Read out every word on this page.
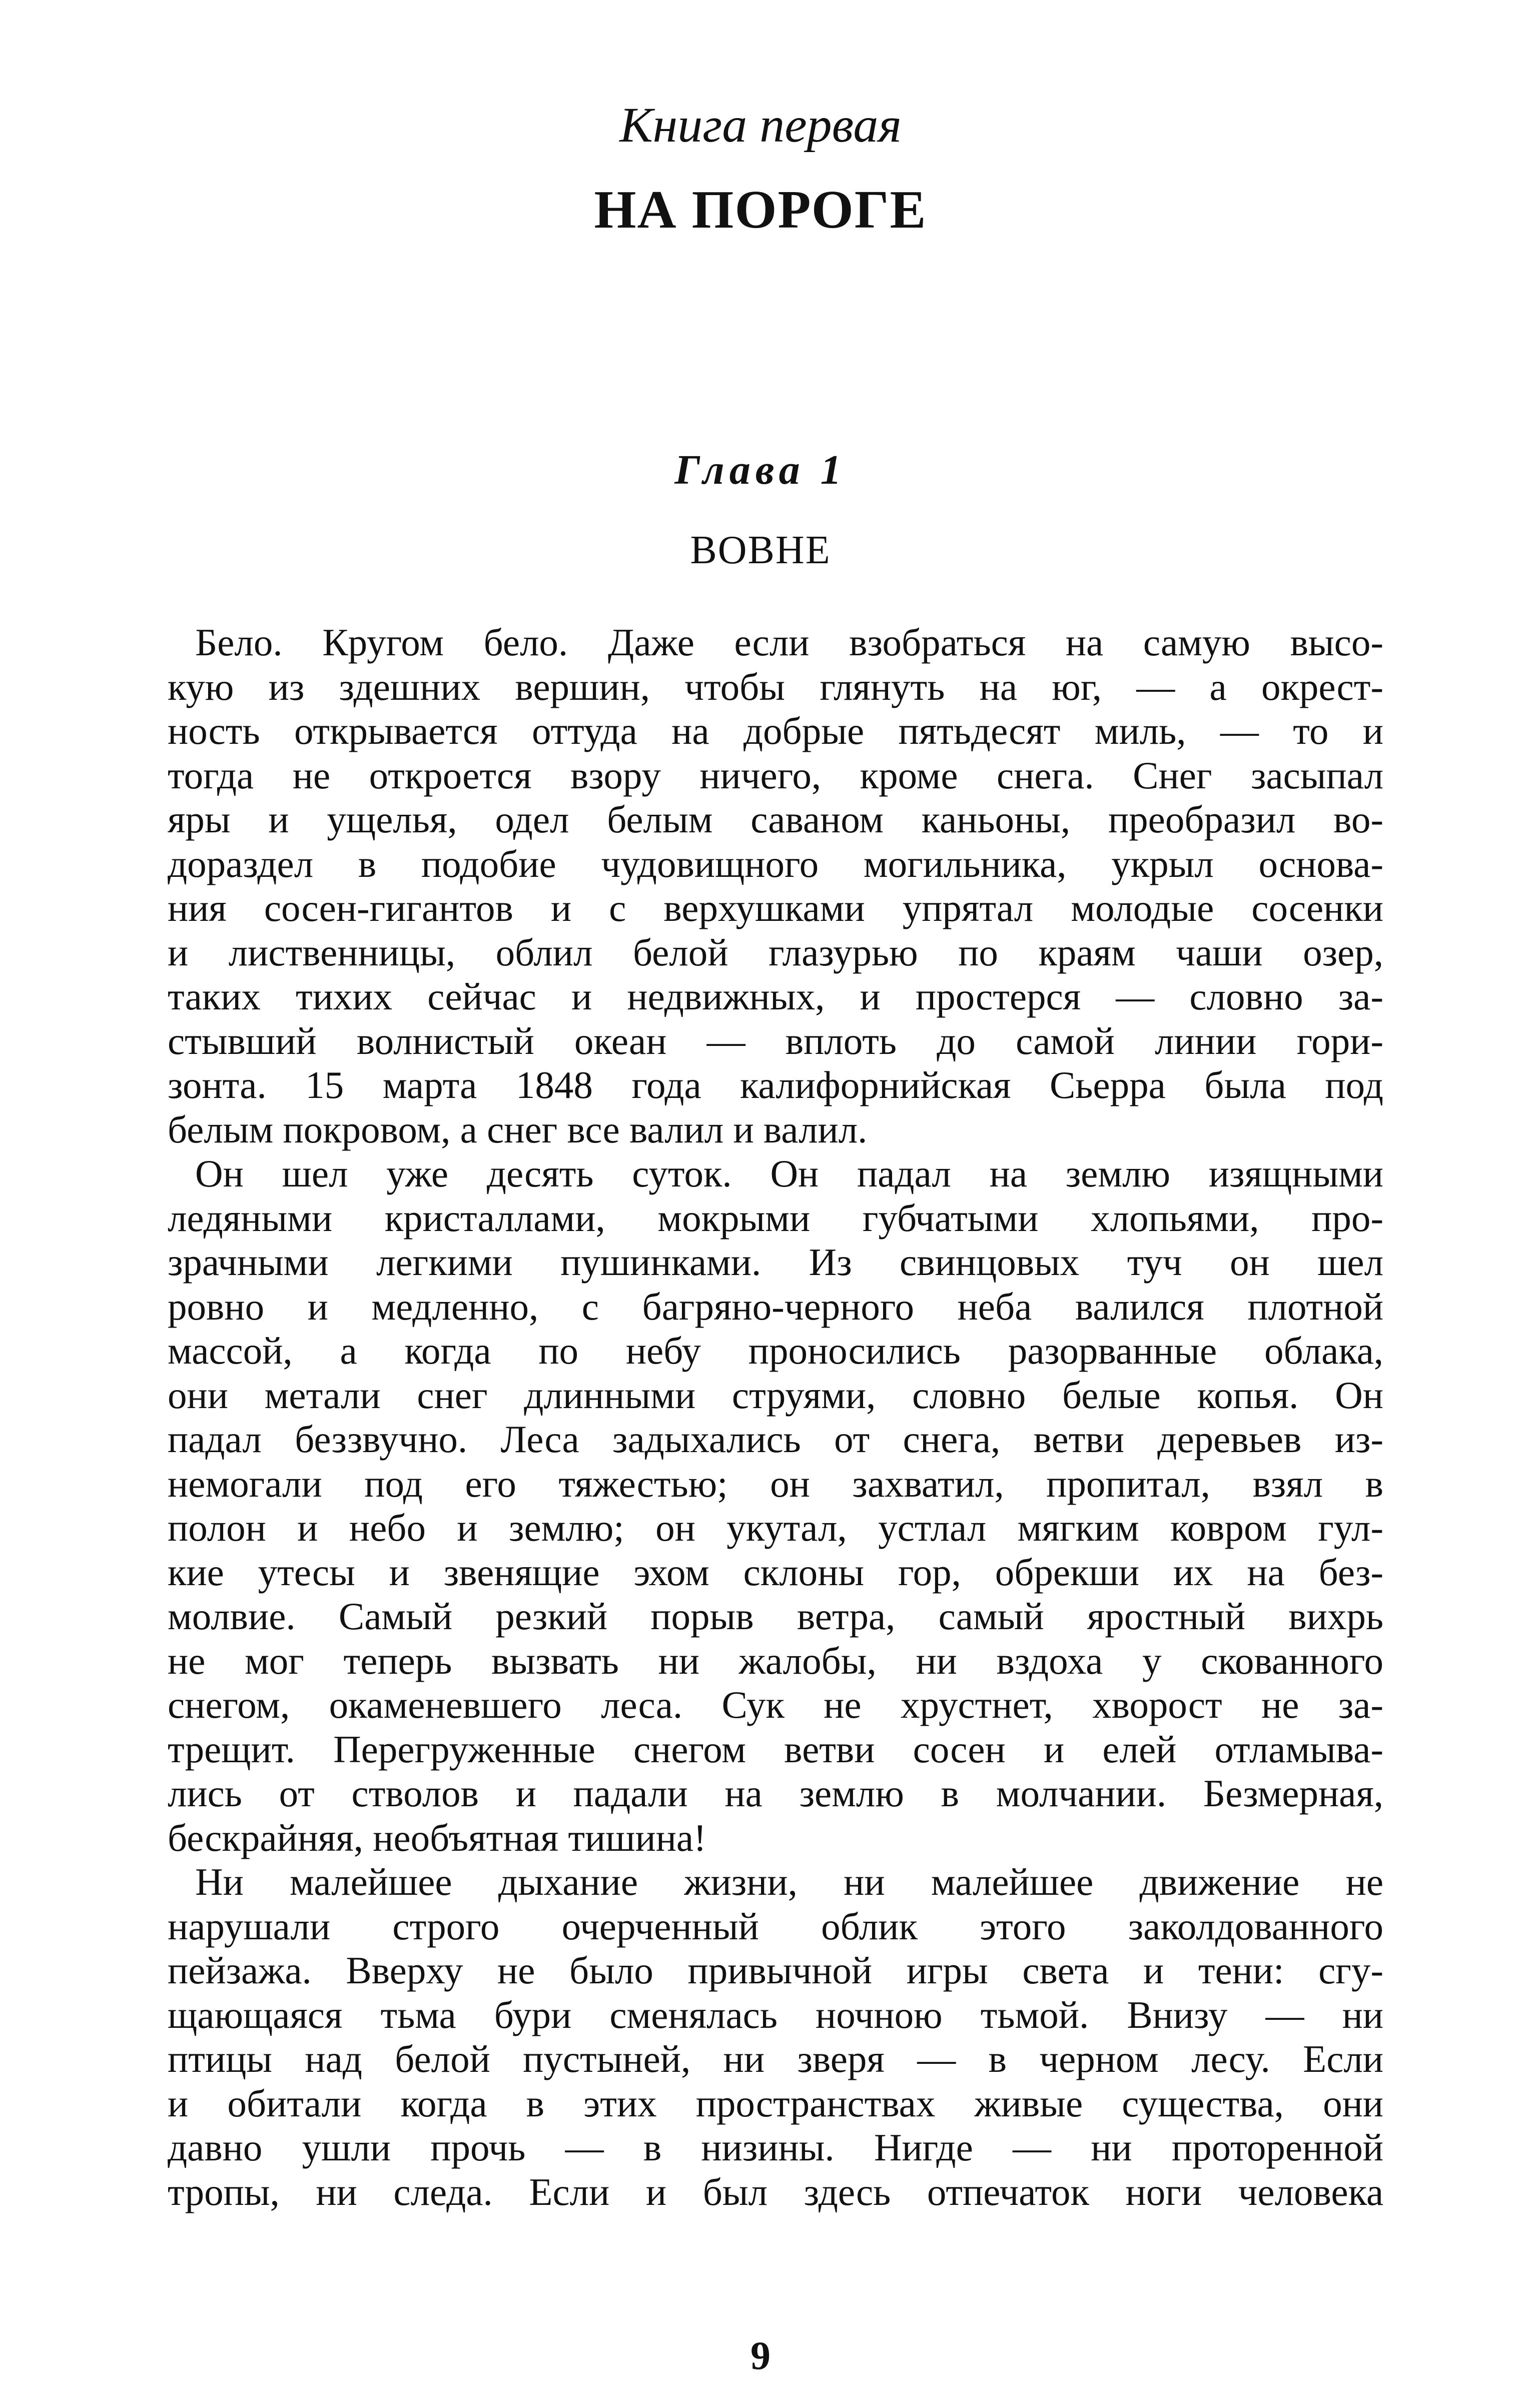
Книга первая
НА ПОРОГЕ
Глава 1
ВОВНЕ
Бело. Кругом бело. Даже если взобраться на самую высо-
кую из здешних вершин, чтобы глянуть на юг, — а окрест-
ность открывается оттуда на добрые пятьдесят миль, — то и
тогда не откроется взору ничего, кроме снега. Снег засыпал
яры и ущелья, одел белым саваном каньоны, преобразил во-
дораздел в подобие чудовищного могильника, укрыл основа-
ния сосен-гигантов и с верхушками упрятал молодые сосенки
и лиственницы, облил белой глазурью по краям чаши озер,
таких тихих сейчас и недвижных, и простерся — словно за-
стывший волнистый океан — вплоть до самой линии гори-
зонта. 15 марта 1848 года калифорнийская Сьерра была под
белым покровом, а снег все валил и валил.
Он шел уже десять суток. Он падал на землю изящными
ледяными кристаллами, мокрыми губчатыми хлопьями, про-
зрачными легкими пушинками. Из свинцовых туч он шел
ровно и медленно, с багряно-черного неба валился плотной
массой, а когда по небу проносились разорванные облака,
они метали снег длинными струями, словно белые копья. Он
падал беззвучно. Леса задыхались от снега, ветви деревьев из-
немогали под его тяжестью; он захватил, пропитал, взял в
полон и небо и землю; он укутал, устлал мягким ковром гул-
кие утесы и звенящие эхом склоны гор, обрекши их на без-
молвие. Самый резкий порыв ветра, самый яростный вихрь
не мог теперь вызвать ни жалобы, ни вздоха у скованного
снегом, окаменевшего леса. Сук не хрустнет, хворост не за-
трещит. Перегруженные снегом ветви сосен и елей отламыва-
лись от стволов и падали на землю в молчании. Безмерная,
бескрайняя, необъятная тишина!
Ни малейшее дыхание жизни, ни малейшее движение не
нарушали строго очерченный облик этого заколдованного
пейзажа. Вверху не было привычной игры света и тени: сгу-
щающаяся тьма бури сменялась ночною тьмой. Внизу — ни
птицы над белой пустыней, ни зверя — в черном лесу. Если
и обитали когда в этих пространствах живые существа, они
давно ушли прочь — в низины. Нигде — ни проторенной
тропы, ни следа. Если и был здесь отпечаток ноги человека
9
